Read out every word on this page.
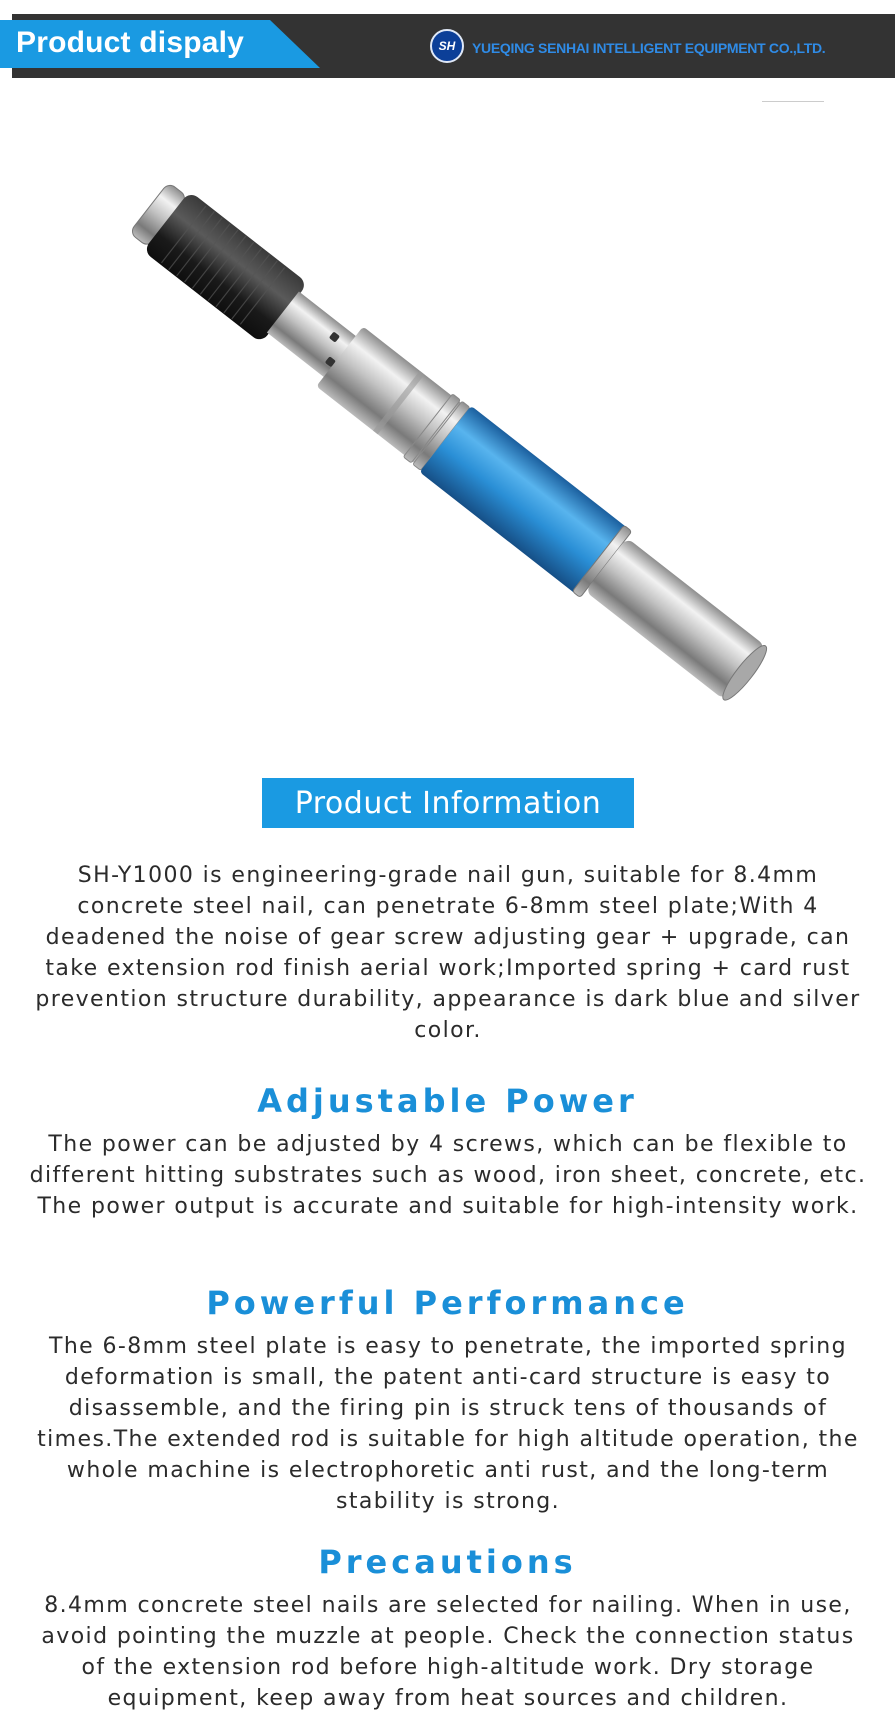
Product dispaly	SH YUEQING SENHAI INTELLIGENT EQUIPMENT CO.,LTD.
Product Information

SH-Y1000 is engineering-grade nail gun, suitable for 8.4mm concrete steel nail, can penetrate 6-8mm steel plate;With 4 deadened the noise of gear screw adjusting gear + upgrade, can take extension rod finish aerial work;Imported spring + card rust prevention structure durability, appearance is dark blue and silver color.

Adjustable Power

The power can be adjusted by 4 screws, which can be flexible to different hitting substrates such as wood, iron sheet, concrete, etc. The power output is accurate and suitable for high-intensity work.

Powerful Performance

The 6-8mm steel plate is easy to penetrate, the imported spring deformation is small, the patent anti-card structure is easy to disassemble, and the firing pin is struck tens of thousands of times.The extended rod is suitable for high altitude operation, the whole machine is electrophoretic anti rust, and the long-term stability is strong.

Precautions

8.4mm concrete steel nails are selected for nailing. When in use, avoid pointing the muzzle at people. Check the connection status of the extension rod before high-altitude work. Dry storage equipment, keep away from heat sources and children.
